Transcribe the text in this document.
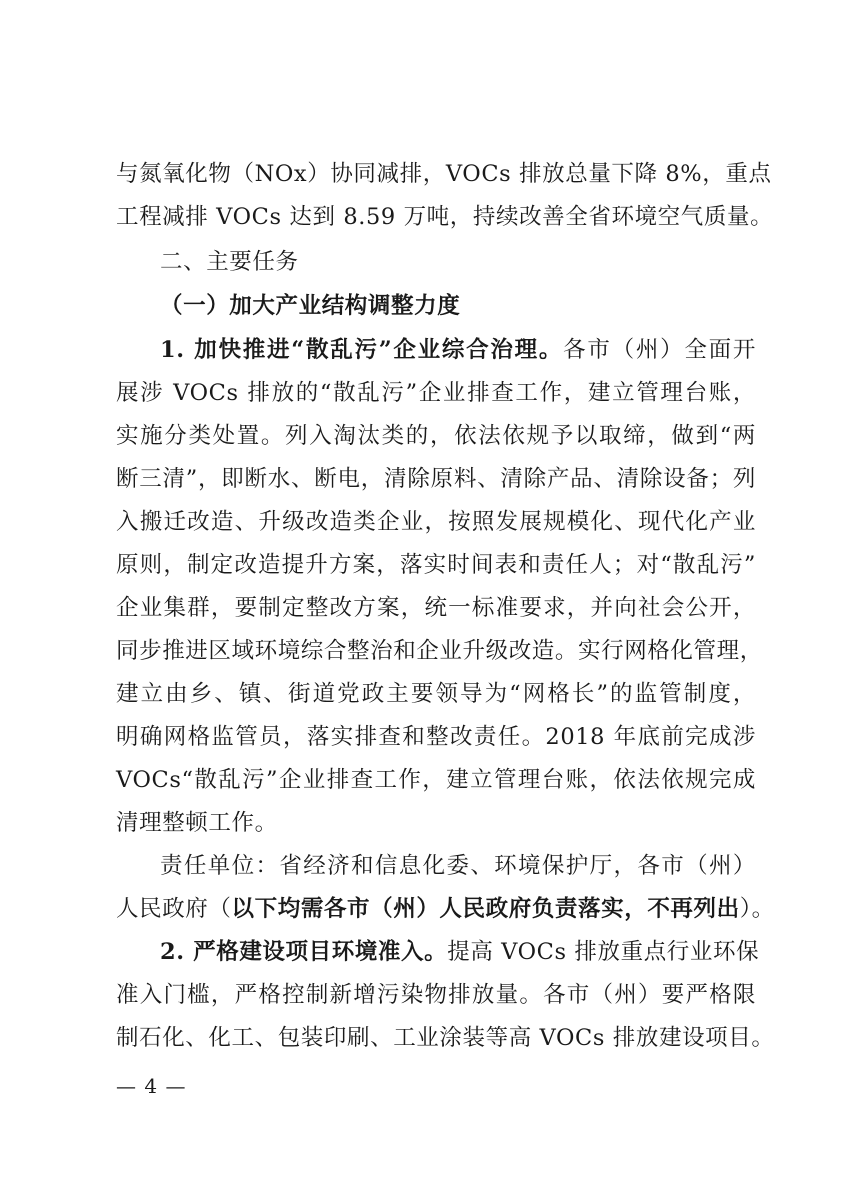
与氮氧化物（NOx）协同减排，VOCs 排放总量下降 8%，重点
工程减排 VOCs 达到 8.59 万吨，持续改善全省环境空气质量。
二、主要任务
（一）加大产业结构调整力度
1. 加快推进“散乱污”企业综合治理。各市（州）全面开
展涉 VOCs 排放的“散乱污”企业排查工作，建立管理台账，
实施分类处置。列入淘汰类的，依法依规予以取缔，做到“两
断三清”，即断水、断电，清除原料、清除产品、清除设备；列
入搬迁改造、升级改造类企业，按照发展规模化、现代化产业
原则，制定改造提升方案，落实时间表和责任人；对“散乱污”
企业集群，要制定整改方案，统一标准要求，并向社会公开，
同步推进区域环境综合整治和企业升级改造。实行网格化管理，
建立由乡、镇、街道党政主要领导为“网格长”的监管制度，
明确网格监管员，落实排查和整改责任。2018 年底前完成涉
VOCs“散乱污”企业排查工作，建立管理台账，依法依规完成
清理整顿工作。
责任单位：省经济和信息化委、环境保护厅，各市（州）
人民政府（以下均需各市（州）人民政府负责落实，不再列出）。
2. 严格建设项目环境准入。提高 VOCs 排放重点行业环保
准入门槛，严格控制新增污染物排放量。各市（州）要严格限
制石化、化工、包装印刷、工业涂装等高 VOCs 排放建设项目。
— 4 —
